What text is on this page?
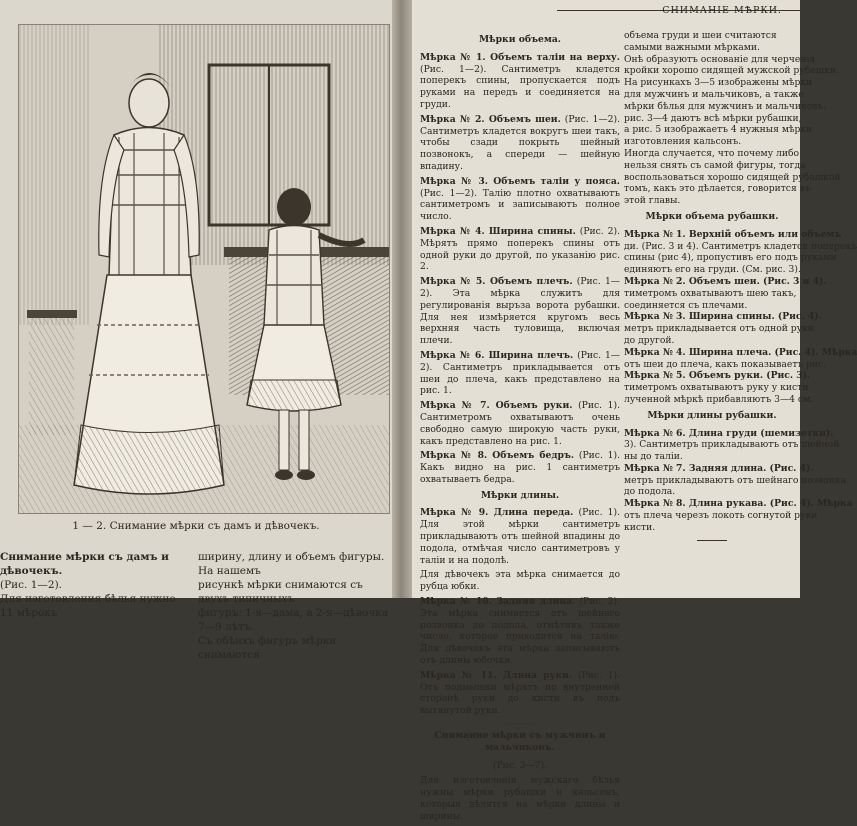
1 — 2. Снимание мѣрки съ дамъ и дѣвочекъ.
Снимание мѣрки съ дамъ и дѣвочекъ.
(Рис. 1—2).
Для изготовления бѣлья нужно 11 мѣрокъ
ширину, длину и объемъ фигуры. На нашемъ
рисункѣ мѣрки снимаются съ двухъ типичныхъ
фигуръ: 1-я—дама, а 2-я—дѣвочка 7—9 лѣтъ.
Съ обѣихъ фигуръ мѣрки снимаются
СНИМАНІЕ МѢРКИ.
Мѣрки объема.
Мѣрка № 1. Объемъ таліи на верху. (Рис. 1—2). Сантиметръ кладется поперекъ спины, пропускается подъ руками на передъ и соединяется на груди.
Мѣрка № 2. Объемъ шеи. (Рис. 1—2). Сантиметръ кладется вокругъ шеи такъ, чтобы сзади покрыть шейный позвонокъ, а спереди — шейную впадину.
Мѣрка № 3. Объемъ таліи у пояса. (Рис. 1—2). Талію плотно охватываютъ сантиметромъ и записываютъ полное число.
Мѣрка № 4. Ширина спины. (Рис. 2). Мѣрятъ прямо поперекъ спины отъ одной руки до другой, по указанію рис. 2.
Мѣрка № 5. Объемъ плечъ. (Рис. 1—2). Эта мѣрка служитъ для регулированія выръза ворота рубашки. Для нея измѣряется кругомъ весь верхняя часть туловища, включая плечи.
Мѣрка № 6. Ширина плечъ. (Рис. 1—2). Сантиметръ прикладывается отъ шеи до плеча, какъ представлено на рис. 1.
Мѣрка № 7. Объемъ руки. (Рис. 1). Сантиметромъ охватываютъ очень свободно самую широкую часть руки, какъ представлено на рис. 1.
Мѣрка № 8. Объемъ бедръ. (Рис. 1). Какъ видно на рис. 1 сантиметръ охватываетъ бедра.
Мѣрки длины.
Мѣрка № 9. Длина переда. (Рис. 1). Для этой мѣрки сантиметръ прикладываютъ отъ шейной впадины до подола, отмѣчая число сантиметровъ у таліи и на подолѣ.
Для дѣвочекъ эта мѣрка снимается до рубца юбки.
Мѣрка № 10. Задняя длина. (Рис. 2). Эта мѣрка снимается отъ шейнаго позвонка до подола, отмѣтивъ также число, которое приходится на талію. Для дѣвочекъ эта мѣрка записываютъ отъ длины юбочки.
Мѣрка № 11. Длина руки. (Рис. 1). Отъ подмышки мѣрятъ по внутренней сторонѣ руки до кисти въ подъ вытянутой руки.
Снимание мѣрки съ мужчинъ и мальчиковъ.
(Рис. 3—7).
Для изготовленія мужскаго бѣлья нужны мѣрки рубашки и кальсонъ, которыя дѣлятся на мѣрки длины и ширины.
объема груди и шеи считаются
самыми важными мѣрками.
Онѣ образуютъ основаніе для черченія
кройки хорошо сидящей мужской рубашки.
На рисункахъ 3—5 изображены мѣрки
для мужчинъ и мальчиковъ, а также
мѣрки бѣлья для мужчинъ и мальчиковъ.
рис. 3—4 даютъ всѣ мѣрки рубашки,
а рис. 5 изображаетъ 4 нужныя мѣрки
изготовления кальсонъ.
Иногда случается, что почему либо
нельзя снять съ самой фигуры, тогда
воспользоваться хорошо сидящей рубашкой
томъ, какъ это дѣлается, говорится въ
этой главы.
Мѣрки объема рубашки.
Мѣрка № 1. Верхній объемъ или объемъ
ди. (Рис. 3 и 4). Сантиметръ кладется поперекъ
спины (рис 4), пропустивъ его подъ руками
единяютъ его на груди. (См. рис. 3).
Мѣрка № 2. Объемъ шеи. (Рис. 3 и 4).
тиметромъ охватываютъ шею такъ,
соединяется съ плечами.
Мѣрка № 3. Ширина спины. (Рис. 4).
метръ прикладывается отъ одной руки
до другой.
Мѣрка № 4. Ширина плеча. (Рис. 4). Мѣрка
отъ шеи до плеча, какъ показываетъ рис.
Мѣрка № 5. Объемъ руки. (Рис. 3).
тиметромъ охватываютъ руку у кисти
лученной мѣркѣ прибавляютъ 3—4 см.
Мѣрки длины рубашки.
Мѣрка № 6. Длина груди (шемизетки).
3). Сантиметръ прикладываютъ отъ шейной
ны до таліи.
Мѣрка № 7. Задняя длина. (Рис. 4).
метръ прикладываютъ отъ шейнаго позвонка
до подола.
Мѣрка № 8. Длина рукава. (Рис. 4). Мѣрка
отъ плеча черезъ локоть согнутой руки
кисти.
